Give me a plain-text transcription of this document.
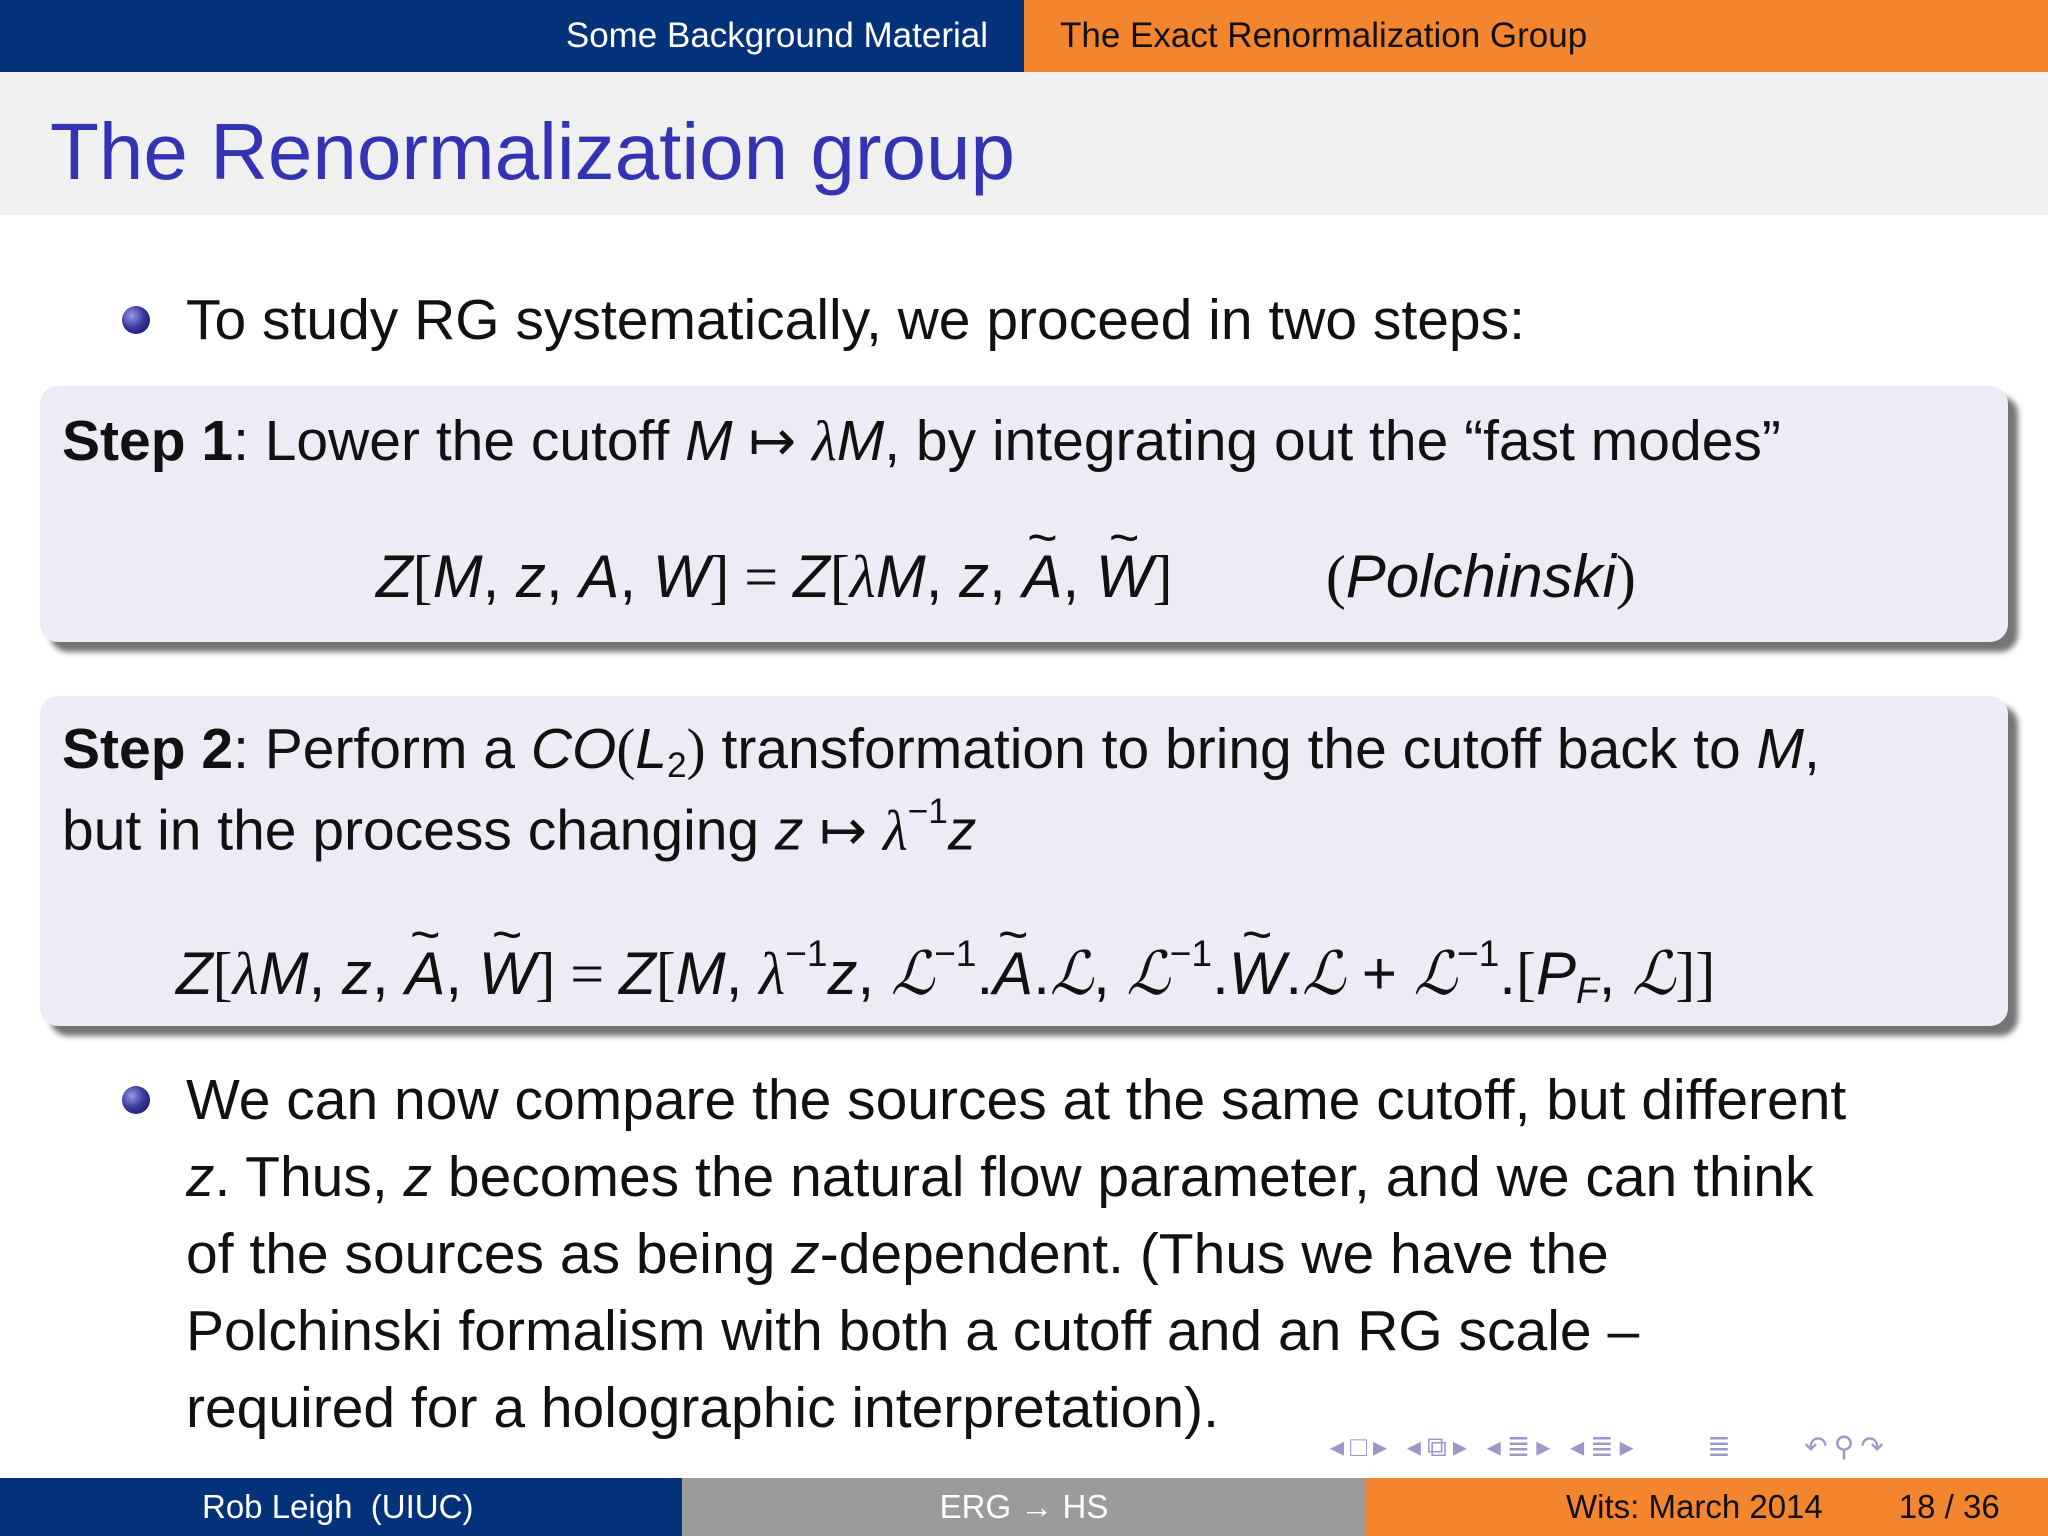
Some Background Material The Exact Renormalization Group
The Renormalization group
To study RG systematically, we proceed in two steps:
Step 1: Lower the cutoff M ↦ λM, by integrating out the “fast modes”
Z[M, z, A, W] = Z[λM, z, ~ A, ~ W]	(Polchinski)
Step 2: Perform a $CO(L_2)$ transformation to bring the cutoff back to M,
but in the process changing z ↦ $\lambda^{-1}z$
Z[λM, z, ~ A, ~ W] = Z[M, $\lambda^{-1}z$, ℒ$^{-1}$.~ A.ℒ, ℒ$^{-1}$.~ W.ℒ + $ℒ^{-1}.[P_F$, ℒ]]
We can now compare the sources at the same cutoff, but different
z. Thus, z becomes the natural flow parameter, and we can think
of the sources as being z-dependent. (Thus we have the
Polchinski formalism with both a cutoff and an RG scale –
required for a holographic interpretation).
◂□▸ ◂⧉▸ ◂≣▸ ◂≣▸ ≣ ↶⚲↷
Rob Leigh  (UIUC)	ERG → HS	Wits: March 2014 18 / 36
